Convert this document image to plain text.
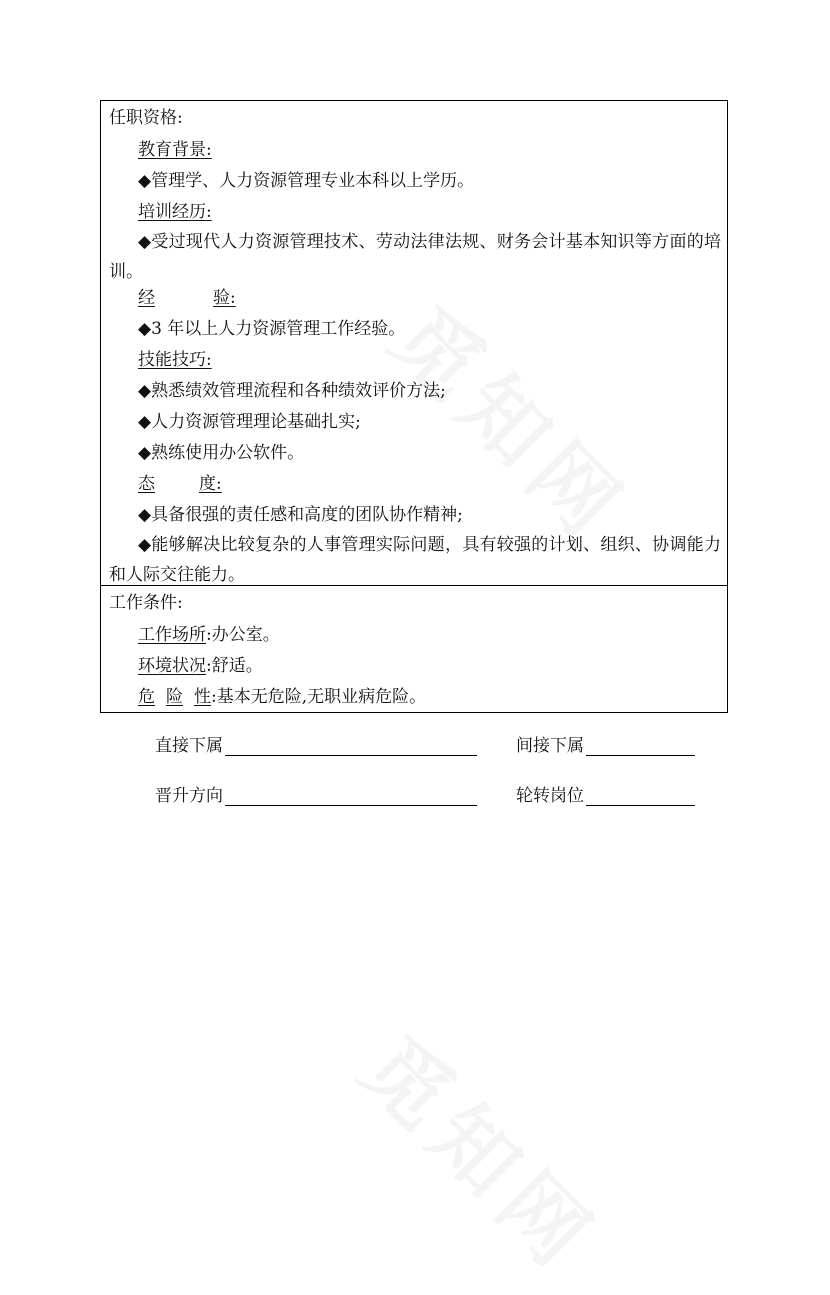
任职资格:
教育背景:
◆管理学、人力资源管理专业本科以上学历。
培训经历:
◆受过现代人力资源管理技术、劳动法律法规、财务会计基本知识等方面的培训。
经	验:
◆3 年以上人力资源管理工作经验。
技能技巧:
◆熟悉绩效管理流程和各种绩效评价方法;
◆人力资源管理理论基础扎实;
◆熟练使用办公软件。
态	度:
◆具备很强的责任感和高度的团队协作精神;
◆能够解决比较复杂的人事管理实际问题，具有较强的计划、组织、协调能力和人际交往能力。
工作条件:
工作场所:办公室。
环境状况:舒适。
危 险 性:基本无危险,无职业病危险。
直接下属	间接下属
晋升方向	轮转岗位
